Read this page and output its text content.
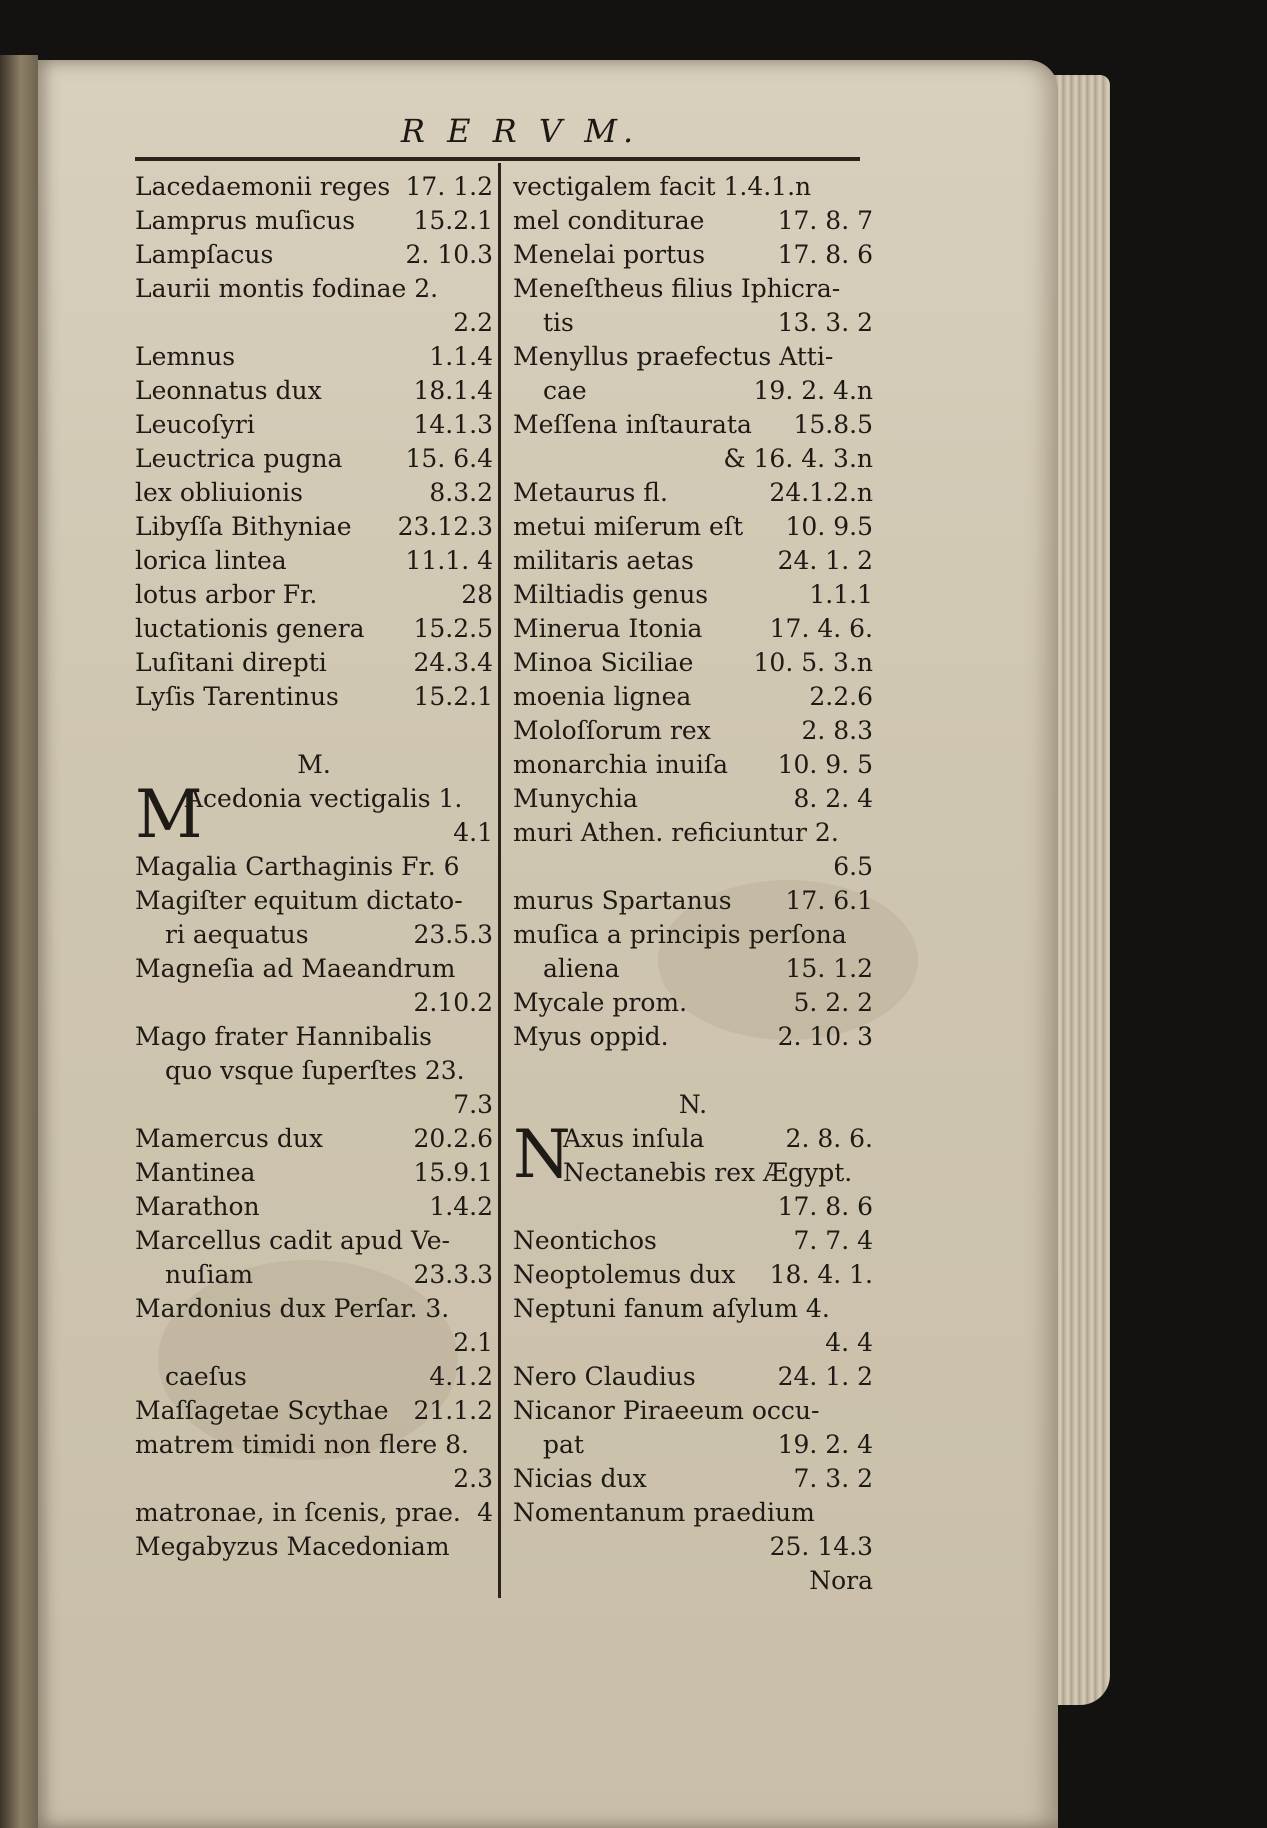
R E R V M.
Lacedaemonii reges 17. 1.2
Lamprus muſicus 15.2.1
Lampſacus	2. 10.3
Laurii montis fodinae 2.
2.2
Lemnus	1.1.4
Leonnatus dux	18.1.4
Leucoſyri	14.1.3
Leuctrica pugna	15. 6.4
lex obliuionis	8.3.2
Libyſſa Bithyniae 23.12.3
lorica lintea	11.1. 4
lotus arbor Fr.	28
luctationis genera 15.2.5
Luſitani direpti	24.3.4
Lyſis Tarentinus	15.2.1
M.
M
Acedonia vectigalis 1.
4.1
Magalia Carthaginis Fr. 6
Magiſter equitum dictato-
ri aequatus	23.5.3
Magneſia ad Maeandrum
2.10.2
Mago frater Hannibalis
quo vsque ſuperſtes 23.
7.3
Mamercus dux	20.2.6
Mantinea	15.9.1
Marathon	1.4.2
Marcellus cadit apud Ve-
nuſiam	23.3.3
Mardonius dux Perſar. 3.
2.1
caeſus	4.1.2
Maſſagetae Scythae 21.1.2
matrem timidi non flere 8.
2.3
matronae, in ſcenis, prae. 4
Megabyzus Macedoniam
vectigalem facit 1.4.1.n
mel conditurae	17. 8. 7
Menelai portus	17. 8. 6
Meneſtheus filius Iphicra-
tis	13. 3. 2
Menyllus praefectus Atti-
cae	19. 2. 4.n
Meſſena inſtaurata 15.8.5
& 16. 4. 3.n
Metaurus fl.	24.1.2.n
metui miſerum eſt 10. 9.5
militaris aetas	24. 1. 2
Miltiadis genus	1.1.1
Minerua Itonia	17. 4. 6.
Minoa Siciliae 10. 5. 3.n
moenia lignea	2.2.6
Moloſſorum rex	2. 8.3
monarchia inuiſa 10. 9. 5
Munychia	8. 2. 4
muri Athen. reficiuntur 2.
6.5
murus Spartanus 17. 6.1
muſica a principis perſona
aliena	15. 1.2
Mycale prom.	5. 2. 2
Myus oppid.	2. 10. 3
N.
N
Axus inſula	2. 8. 6.
Nectanebis rex Ægypt.
17. 8. 6
Neontichos	7. 7. 4
Neoptolemus dux 18. 4. 1.
Neptuni fanum aſylum 4.
4. 4
Nero Claudius	24. 1. 2
Nicanor Piraeeum occu-
pat	19. 2. 4
Nicias dux	7. 3. 2
Nomentanum praedium
25. 14.3
Nora
